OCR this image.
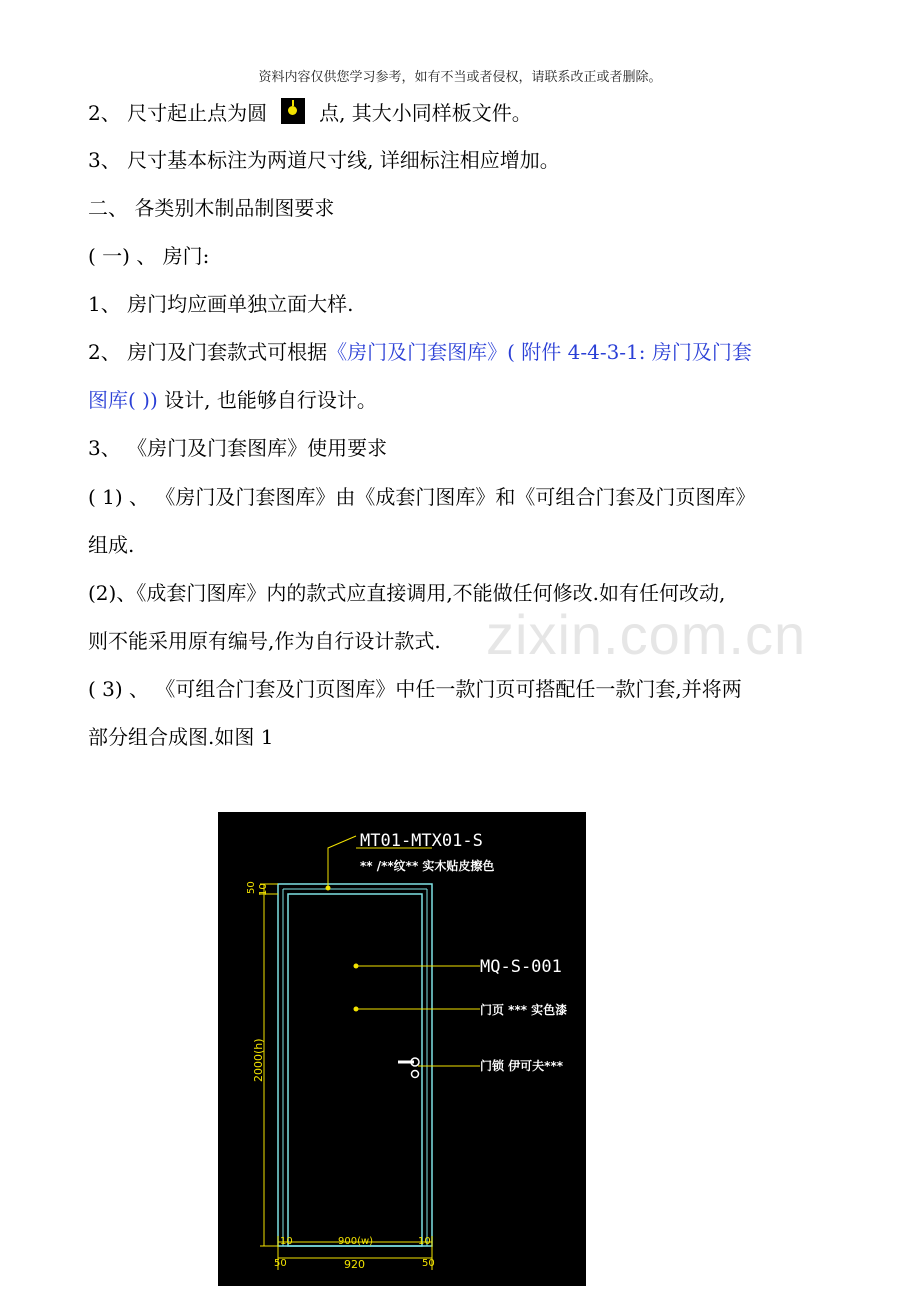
资料内容仅供您学习参考，如有不当或者侵权，请联系改正或者删除。
zixin.com.cn
2、 尺寸起止点为圆	点, 其大小同样板文件。
3、 尺寸基本标注为两道尺寸线, 详细标注相应增加。
二、 各类别木制品制图要求
( 一) 、 房门:
1、 房门均应画单独立面大样.
2、 房门及门套款式可根据《房门及门套图库》( 附件 4-4-3-1: 房门及门套
图库( )) 设计, 也能够自行设计。
3、 《房门及门套图库》使用要求
( 1) 、 《房门及门套图库》由《成套门图库》和《可组合门套及门页图库》
组成.
(2)、《成套门图库》内的款式应直接调用,不能做任何修改.如有任何改动,
则不能采用原有编号,作为自行设计款式.
( 3) 、 《可组合门套及门页图库》中任一款门页可搭配任一款门套,并将两
部分组合成图.如图 1
MT01-MTX01-S
** /**纹** 实木贴皮擦色
MQ-S-001
门页 *** 实色漆
门锁 伊可夫***
50 10
2000(h)
10	900(w)	10
50	50
920
